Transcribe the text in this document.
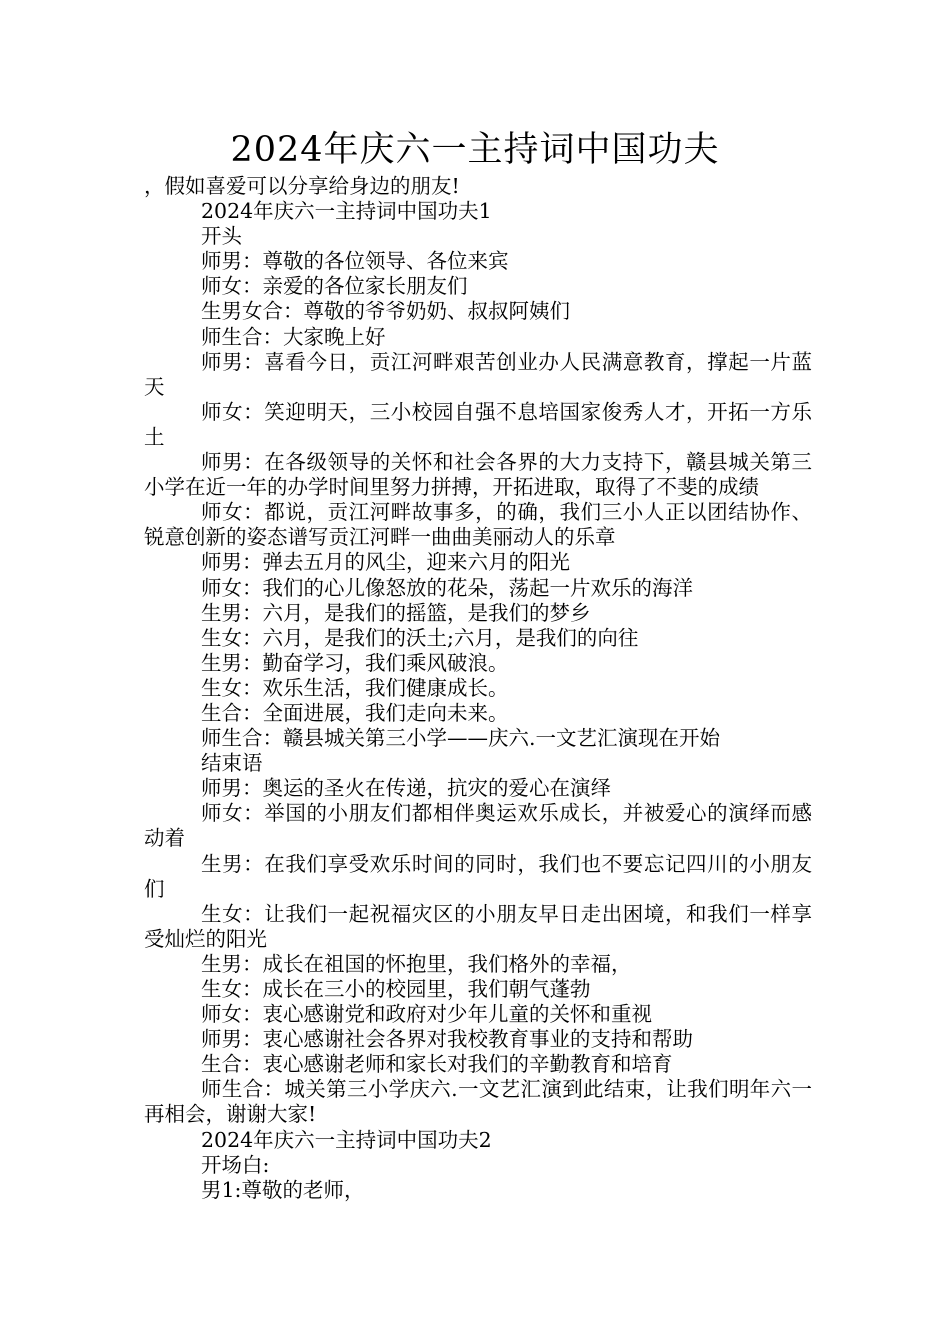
2024年庆六一主持词中国功夫

，假如喜爱可以分享给身边的朋友!

2024年庆六一主持词中国功夫1

开头

师男：尊敬的各位领导、各位来宾

师女：亲爱的各位家长朋友们

生男女合：尊敬的爷爷奶奶、叔叔阿姨们

师生合：大家晚上好

师男：喜看今日，贡江河畔艰苦创业办人民满意教育，撑起一片蓝天

师女：笑迎明天，三小校园自强不息培国家俊秀人才，开拓一方乐土

师男：在各级领导的关怀和社会各界的大力支持下，赣县城关第三小学在近一年的办学时间里努力拼搏，开拓进取，取得了不斐的成绩

师女：都说，贡江河畔故事多，的确，我们三小人正以团结协作、锐意创新的姿态谱写贡江河畔一曲曲美丽动人的乐章

师男：弹去五月的风尘，迎来六月的阳光

师女：我们的心儿像怒放的花朵，荡起一片欢乐的海洋

生男：六月，是我们的摇篮，是我们的梦乡

生女：六月，是我们的沃土;六月，是我们的向往

生男：勤奋学习，我们乘风破浪。

生女：欢乐生活，我们健康成长。

生合：全面进展，我们走向未来。

师生合：赣县城关第三小学——庆六.一文艺汇演现在开始

结束语

师男：奥运的圣火在传递，抗灾的爱心在演绎

师女：举国的小朋友们都相伴奥运欢乐成长，并被爱心的演绎而感动着

生男：在我们享受欢乐时间的同时，我们也不要忘记四川的小朋友们

生女：让我们一起祝福灾区的小朋友早日走出困境，和我们一样享受灿烂的阳光

生男：成长在祖国的怀抱里，我们格外的幸福，

生女：成长在三小的校园里，我们朝气蓬勃

师女：衷心感谢党和政府对少年儿童的关怀和重视

师男：衷心感谢社会各界对我校教育事业的支持和帮助

生合：衷心感谢老师和家长对我们的辛勤教育和培育

师生合：城关第三小学庆六.一文艺汇演到此结束，让我们明年六一再相会，谢谢大家!

2024年庆六一主持词中国功夫2

开场白:

男1:尊敬的老师，
